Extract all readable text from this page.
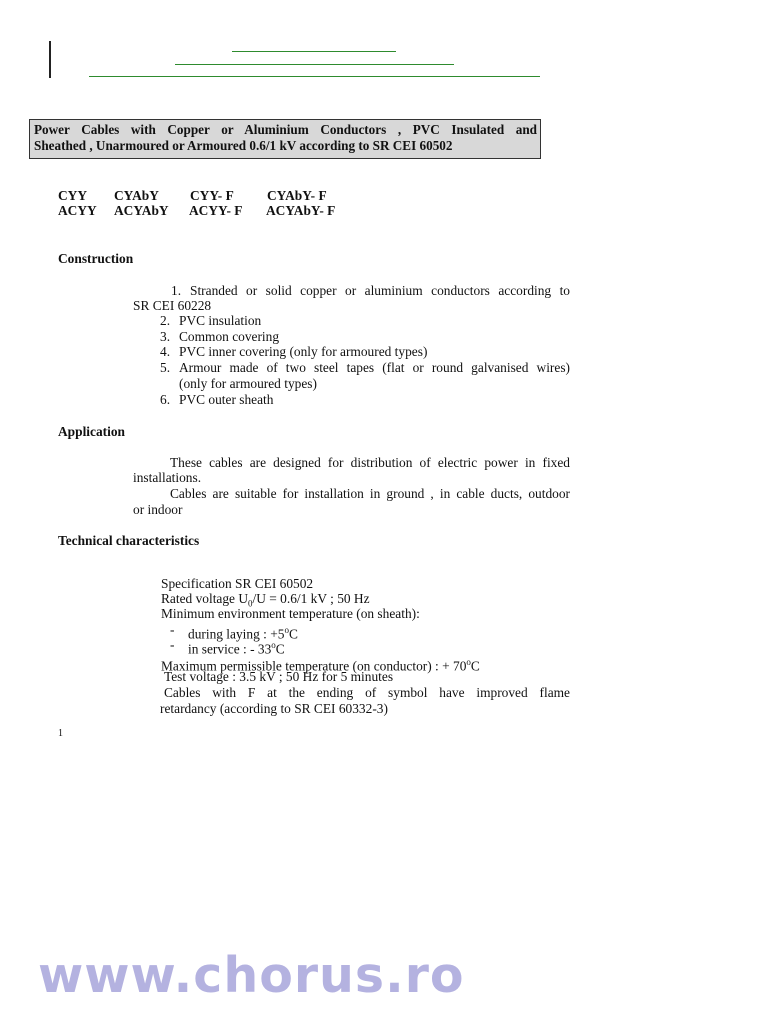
Power Cables with Copper or Aluminium Conductors , PVC Insulated and
Sheathed , Unarmoured or Armoured 0.6/1 kV according to SR CEI 60502
CYY CYAbY CYY- F CYAbY- F
ACYY ACYAbY ACYY- F ACYAbY- F
Construction
1. Stranded or solid copper or aluminium conductors according to
SR CEI 60228
2. PVC insulation
3. Common covering
4. PVC inner covering (only for armoured types)
5. Armour made of two steel tapes (flat or round galvanised wires)
(only for armoured types)
6. PVC outer sheath
Application
These cables are designed for distribution of electric power in fixed
installations.
Cables are suitable for installation in ground , in cable ducts, outdoor
or indoor
Technical characteristics
Specification SR CEI 60502
Rated voltage $U_0/U = 0.6/1$ kV ; 50 Hz
Minimum environment temperature (on sheath):
- during laying : $+5^oC$
- in service : - 33$^o$C
Maximum permissible temperature (on conductor) : + $70^oC$
Test voltage : 3.5 kV ; 50 Hz for 5 minutes
Cables with F at the ending of symbol have improved flame
retardancy (according to SR CEI 60332-3)
1
www.chorus.ro
